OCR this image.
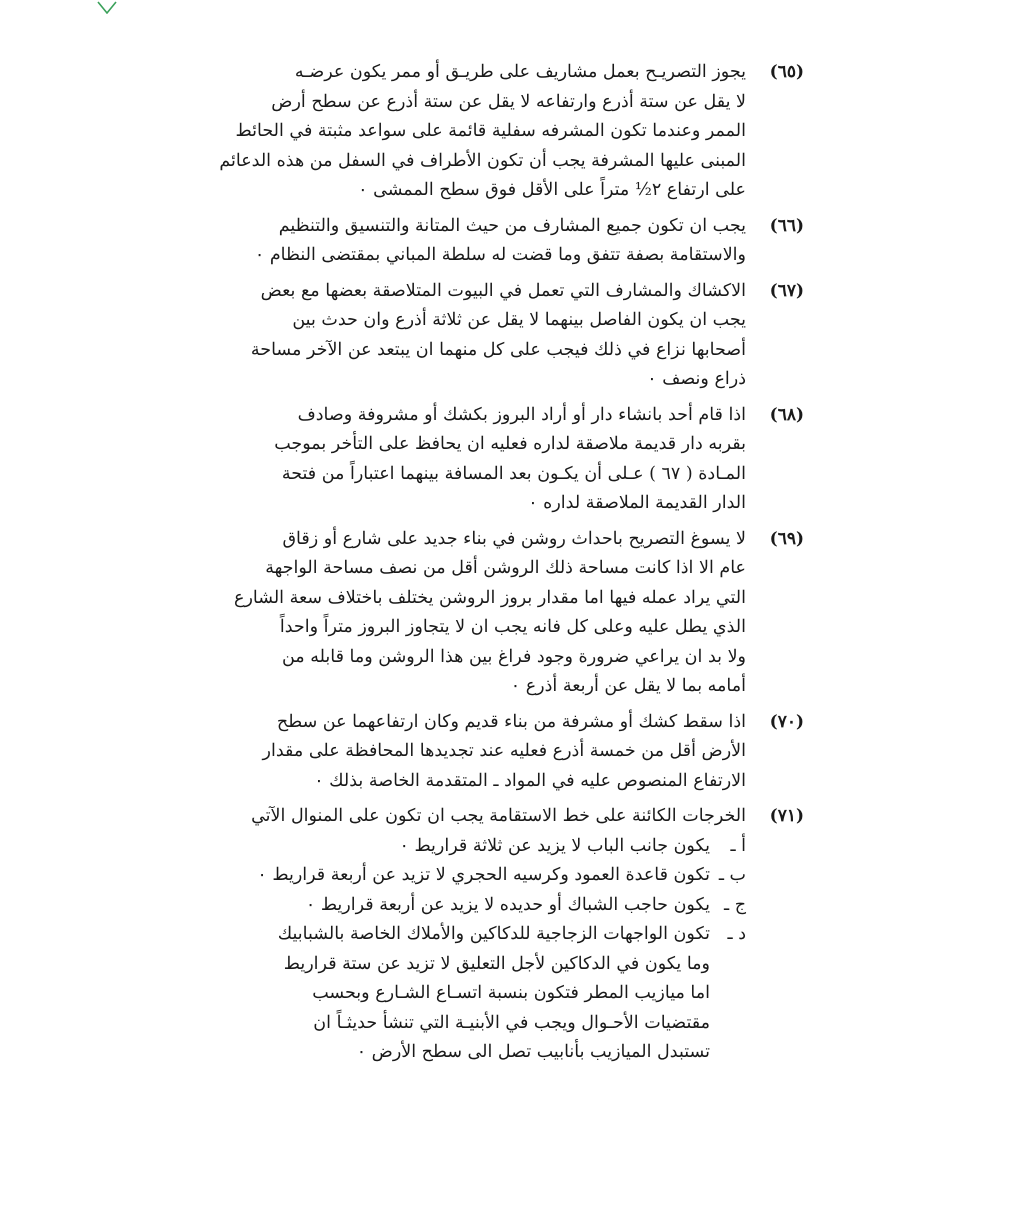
(٦٥)
يجوز التصريـح بعمل مشاريف على طريـق أو ممر يكون عرضـه
لا يقل عن ستة أذرع وارتفاعه لا يقل عن ستة أذرع عن سطح أرض
الممر وعندما تكون المشرفه سفلية قائمة على سواعد مثبتة في الحائط
المبنى عليها المشرفة يجب أن تكون الأطراف في السفل من هذه الدعائم
على ارتفاع ٢½ متراً على الأقل فوق سطح الممشى ٠
(٦٦)
يجب ان تكون جميع المشارف من حيث المتانة والتنسيق والتنظيم
والاستقامة بصفة تتفق وما قضت له سلطة المباني بمقتضى النظام ٠
(٦٧)
الاكشاك والمشارف التي تعمل في البيوت المتلاصقة بعضها مع بعض
يجب ان يكون الفاصل بينهما لا يقل عن ثلاثة أذرع وان حدث بين
أصحابها نزاع في ذلك فيجب على كل منهما ان يبتعد عن الآخر مساحة
ذراع ونصف ٠
(٦٨)
اذا قام أحد بانشاء دار أو أراد البروز بكشك أو مشروفة وصادف
بقربه دار قديمة ملاصقة لداره فعليه ان يحافظ على التأخر بموجب
المـادة ( ٦٧ ) عـلى أن يكـون بعد المسافة بينهما اعتباراً من فتحة
الدار القديمة الملاصقة لداره ٠
(٦٩)
لا يسوغ التصريح باحداث روشن في بناء جديد على شارع أو زقاق
عام الا اذا كانت مساحة ذلك الروشن أقل من نصف مساحة الواجهة
التي يراد عمله فيها اما مقدار بروز الروشن يختلف باختلاف سعة الشارع
الذي يطل عليه وعلى كل فانه يجب ان لا يتجاوز البروز متراً واحداً
ولا بد ان يراعي ضرورة وجود فراغ بين هذا الروشن وما قابله من
أمامه بما لا يقل عن أربعة أذرع ٠
(٧٠)
اذا سقط كشك أو مشرفة من بناء قديم وكان ارتفاعهما عن سطح
الأرض أقل من خمسة أذرع فعليه عند تجديدها المحافظة على مقدار
الارتفاع المنصوص عليه في المواد ـ المتقدمة الخاصة بذلك ٠
(٧١)
الخرجات الكائنة على خط الاستقامة يجب ان تكون على المنوال الآتي
أ ـ
يكون جانب الباب لا يزيد عن ثلاثة قراريط ٠
ب ـ
تكون قاعدة العمود وكرسيه الحجري لا تزيد عن أربعة قراريط ٠
ج ـ
يكون حاجب الشباك أو حديده لا يزيد عن أربعة قراريط ٠
د ـ
تكون الواجهات الزجاجية للدكاكين والأملاك الخاصة بالشبابيك
وما يكون في الدكاكين لأجل التعليق لا تزيد عن ستة قراريط
اما ميازيب المطر فتكون بنسبة اتسـاع الشـارع وبحسب
مقتضيات الأحـوال ويجب في الأبنيـة التي تنشأ حديثـاً ان
تستبدل الميازيب بأنابيب تصل الى سطح الأرض ٠
